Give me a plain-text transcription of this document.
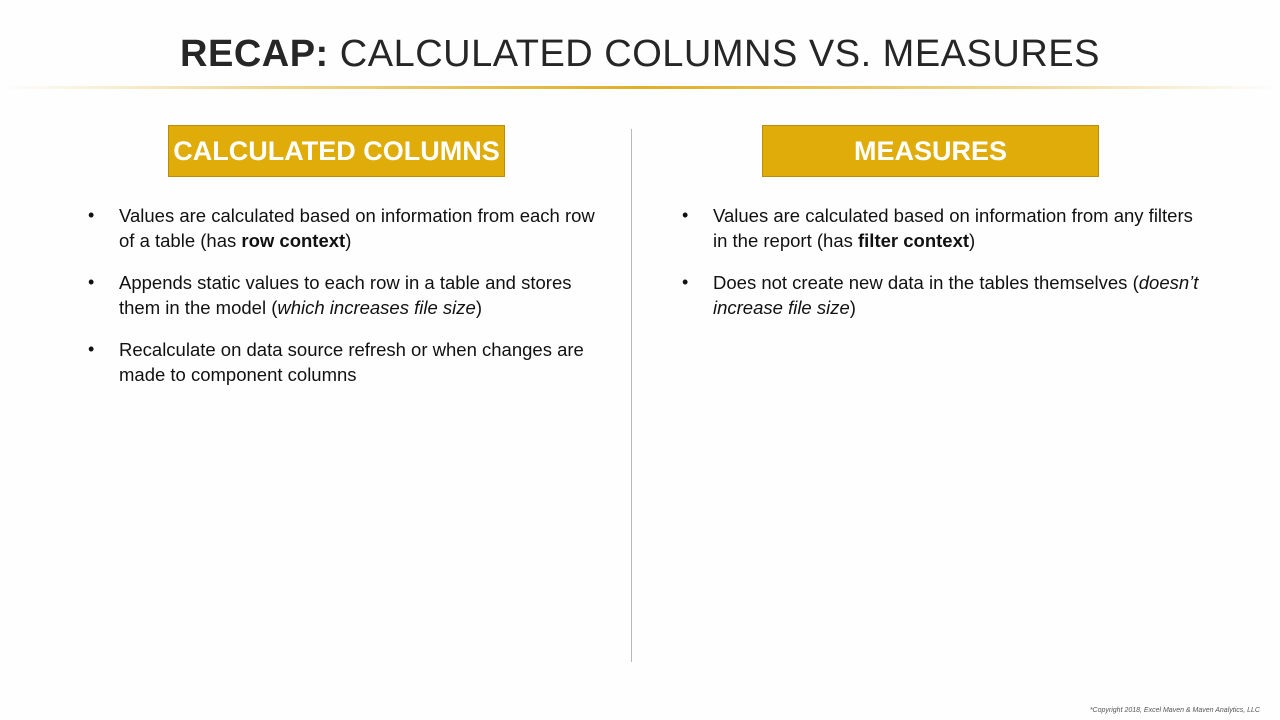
RECAP: CALCULATED COLUMNS VS. MEASURES
CALCULATED COLUMNS	MEASURES
• Values are calculated based on information from each row of a table (has row context)
• Appends static values to each row in a table and stores them in the model (which increases file size)
• Recalculate on data source refresh or when changes are made to component columns
• Values are calculated based on information from any filters in the report (has filter context)
• Does not create new data in the tables themselves (doesn’t increase file size)
*Copyright 2018, Excel Maven & Maven Analytics, LLC
